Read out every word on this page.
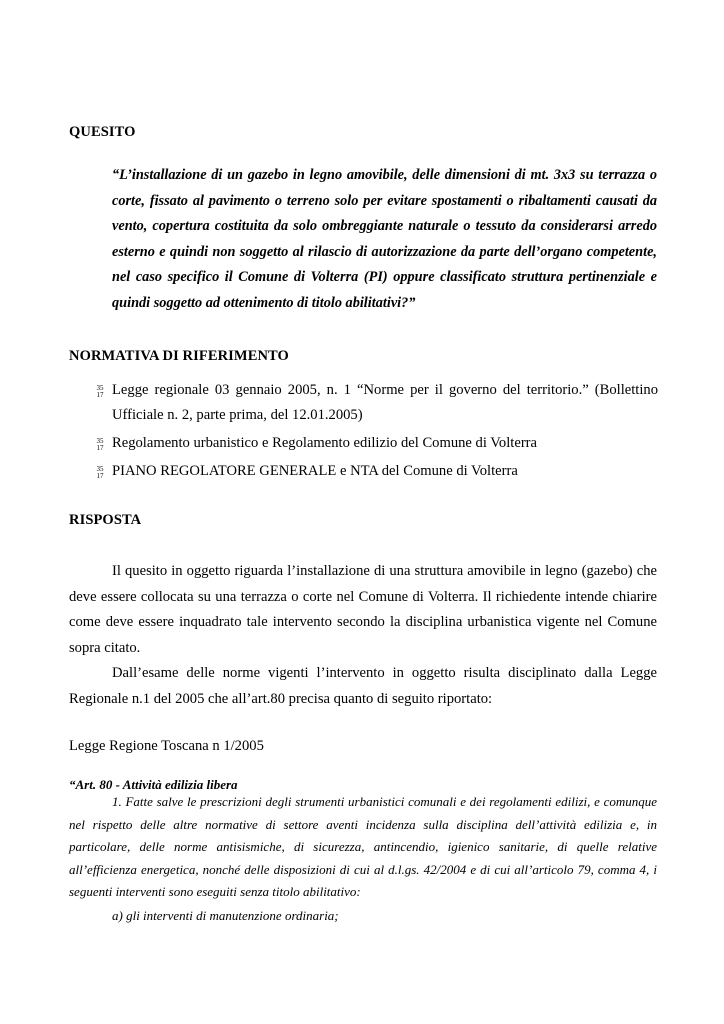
QUESITO
“L’installazione di un gazebo in legno amovibile, delle dimensioni di mt. 3x3 su terrazza o corte, fissato al pavimento o terreno solo per evitare spostamenti o ribaltamenti causati da vento, copertura costituita da solo ombreggiante naturale o tessuto da considerarsi arredo esterno e quindi non soggetto al rilascio di autorizzazione da parte dell’organo competente, nel caso specifico il Comune di Volterra (PI) oppure classificato struttura pertinenziale e quindi soggetto ad ottenimento di titolo abilitativi?”
NORMATIVA DI RIFERIMENTO
35
17 Legge regionale 03 gennaio 2005, n. 1 “Norme per il governo del territorio.” (Bollettino Ufficiale n. 2, parte prima, del 12.01.2005)
35
17 Regolamento urbanistico e Regolamento edilizio del Comune di Volterra
35
17 PIANO REGOLATORE GENERALE e NTA del Comune di Volterra
RISPOSTA

Il quesito in oggetto riguarda l’installazione di una struttura amovibile in legno (gazebo) che deve essere collocata su una terrazza o corte nel Comune di Volterra. Il richiedente intende chiarire come deve essere inquadrato tale intervento secondo la disciplina urbanistica vigente nel Comune sopra citato.

Dall’esame delle norme vigenti l’intervento in oggetto risulta disciplinato dalla Legge Regionale n.1 del 2005 che all’art.80 precisa quanto di seguito riportato:

Legge Regione Toscana n 1/2005
“Art. 80 - Attività edilizia libera

1. Fatte salve le prescrizioni degli strumenti urbanistici comunali e dei regolamenti edilizi, e comunque nel rispetto delle altre normative di settore aventi incidenza sulla disciplina dell’attività edilizia e, in particolare, delle norme antisismiche, di sicurezza, antincendio, igienico sanitarie, di quelle relative all’efficienza energetica, nonché delle disposizioni di cui al d.l.gs. 42/2004 e di cui all’articolo 79, comma 4, i seguenti interventi sono eseguiti senza titolo abilitativo:

a) gli interventi di manutenzione ordinaria;
